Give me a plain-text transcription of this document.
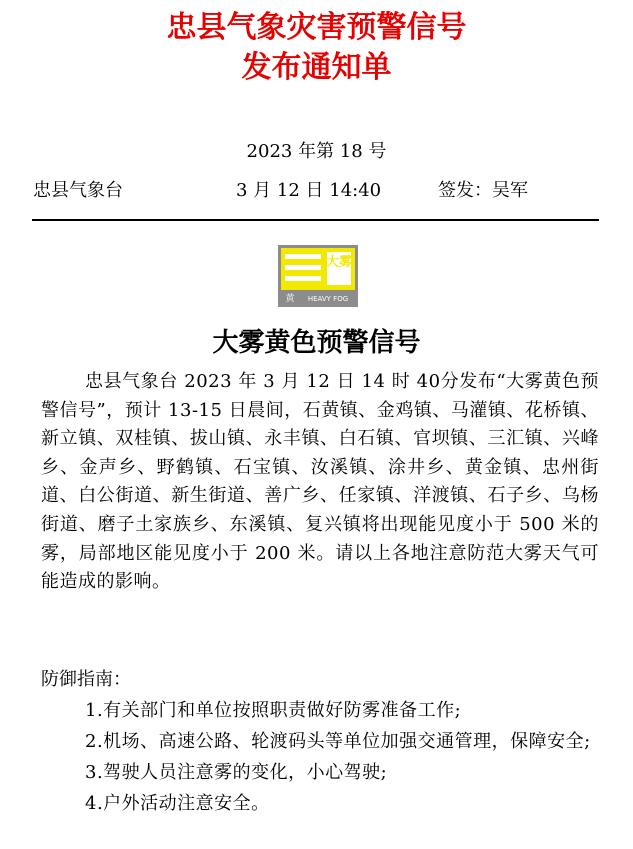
忠县气象灾害预警信号
发布通知单
2023 年第 18 号
忠县气象台	3 月 12 日 14:40	签发：吴军
大雾
黄 HEAVY FOG
大雾黄色预警信号

忠县气象台 2023 年 3 月 12 日 14 时 40分发布“大雾黄色预警信号”，预计 13-15 日晨间，石黄镇、金鸡镇、马灌镇、花桥镇、新立镇、双桂镇、拔山镇、永丰镇、白石镇、官坝镇、三汇镇、兴峰乡、金声乡、野鹤镇、石宝镇、汝溪镇、涂井乡、黄金镇、忠州街道、白公街道、新生街道、善广乡、任家镇、洋渡镇、石子乡、乌杨街道、磨子土家族乡、东溪镇、复兴镇将出现能见度小于 500 米的雾，局部地区能见度小于 200 米。请以上各地注意防范大雾天气可能造成的影响。

防御指南：

1.有关部门和单位按照职责做好防雾准备工作;
2.机场、高速公路、轮渡码头等单位加强交通管理，保障安全;
3.驾驶人员注意雾的变化，小心驾驶;
4.户外活动注意安全。
